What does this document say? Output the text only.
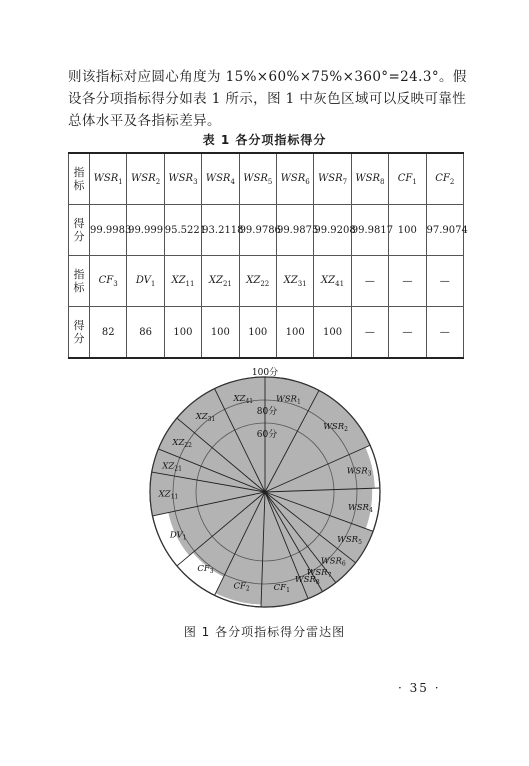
则该指标对应圆心角度为 15%×60%×75%×360°=24.3°。假
设各分项指标得分如表 1 所示，图 1 中灰色区域可以反映可靠性
总体水平及各指标差异。
表 1 各分项指标得分
指标	$WSR_1$	$WSR_2$	$WSR_3$	$WSR_4$	$WSR_5$	$WSR_6$	$WSR_7$	$WSR_8$	$CF_1$	$CF_2$
得分	99.9983	99.999	95.5221	93.2118	99.9786	99.9875	99.9208	99.9817	100	97.9074
指标	$CF_3$	$DV_1$	$XZ_{11}$	$XZ_{21}$	$XZ_{22}$	$XZ_{31}$	$XZ_{41}$	—	—	—
得分	82	86	100	100	100	100	100	—	—	—
100分
80分
60分
$WSR_1$
$WSR_2$
$WSR_3$
$WSR_4$
$WSR_5$
$WSR_6$
$WSR_7$
$WSR_8$
$CF_1$
$CF_2$
$CF_3$
$DV_1$
$XZ_{11}$
$XZ_{21}$
$XZ_{22}$
$XZ_{31}$
$XZ_{41}$
图 1 各分项指标得分雷达图
· 35 ·
